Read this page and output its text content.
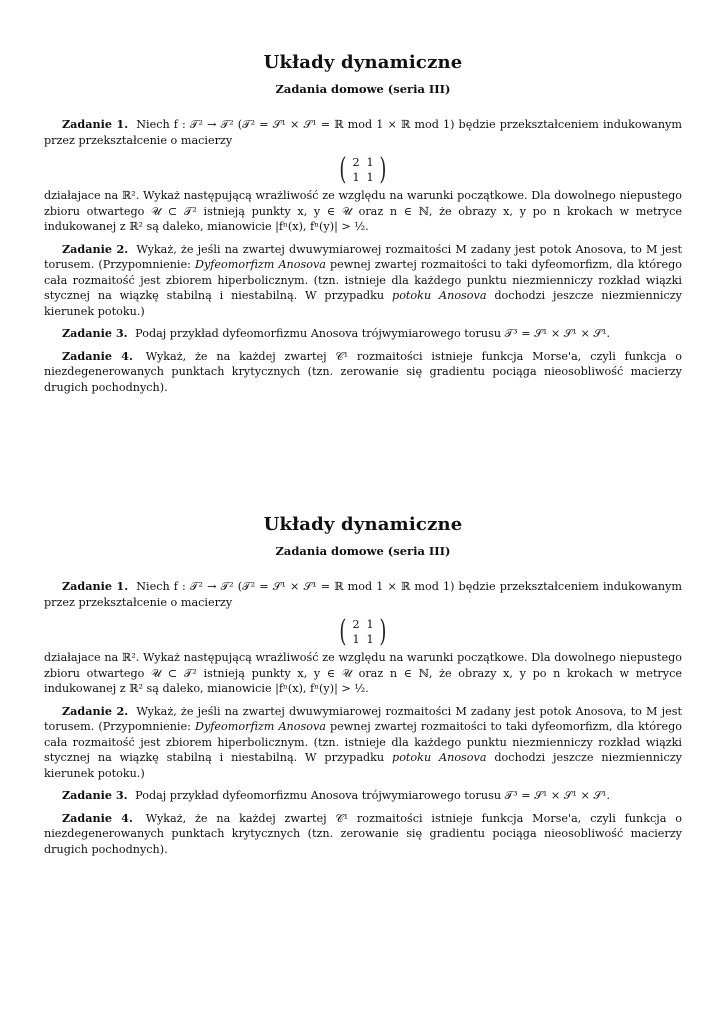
Układy dynamiczne
Zadania domowe (seria III)

Zadanie 1. Niech f : 𝒯² → 𝒯² (𝒯² = 𝒮¹ × 𝒮¹ = ℝ mod 1 × ℝ mod 1) będzie przekształceniem indukowanym przez przekształcenie o macierzy

( 2 1
1 1 )

działajace na ℝ². Wykaż następującą wrażliwość ze względu na warunki początkowe. Dla dowolnego niepustego zbioru otwartego 𝒰 ⊂ 𝒯² istnieją punkty x, y ∈ 𝒰 oraz n ∈ ℕ, że obrazy x, y po n krokach w metryce indukowanej z ℝ² są daleko, mianowicie |fⁿ(x), fⁿ(y)| > ½.

Zadanie 2. Wykaż, że jeśli na zwartej dwuwymiarowej rozmaitości M zadany jest potok Anosova, to M jest torusem. (Przypomnienie: Dyfeomorfizm Anosova pewnej zwartej rozmaitości to taki dyfeomorfizm, dla którego cała rozmaitość jest zbiorem hiperbolicznym. (tzn. istnieje dla każdego punktu niezmienniczy rozkład wiązki stycznej na wiązkę stabilną i niestabilną. W przypadku potoku Anosova dochodzi jeszcze niezmienniczy kierunek potoku.)

Zadanie 3. Podaj przykład dyfeomorfizmu Anosova trójwymiarowego torusu 𝒯³ = 𝒮¹ × 𝒮¹ × 𝒮¹.

Zadanie 4. Wykaż, że na każdej zwartej 𝒞¹ rozmaitości istnieje funkcja Morse'a, czyli funkcja o niezdegenerowanych punktach krytycznych (tzn. zerowanie się gradientu pociąga nieosobliwość macierzy drugich pochodnych).

Układy dynamiczne
Zadania domowe (seria III)

Zadanie 1. Niech f : 𝒯² → 𝒯² (𝒯² = 𝒮¹ × 𝒮¹ = ℝ mod 1 × ℝ mod 1) będzie przekształceniem indukowanym przez przekształcenie o macierzy

( 2 1
1 1 )

działajace na ℝ². Wykaż następującą wrażliwość ze względu na warunki początkowe. Dla dowolnego niepustego zbioru otwartego 𝒰 ⊂ 𝒯² istnieją punkty x, y ∈ 𝒰 oraz n ∈ ℕ, że obrazy x, y po n krokach w metryce indukowanej z ℝ² są daleko, mianowicie |fⁿ(x), fⁿ(y)| > ½.

Zadanie 2. Wykaż, że jeśli na zwartej dwuwymiarowej rozmaitości M zadany jest potok Anosova, to M jest torusem. (Przypomnienie: Dyfeomorfizm Anosova pewnej zwartej rozmaitości to taki dyfeomorfizm, dla którego cała rozmaitość jest zbiorem hiperbolicznym. (tzn. istnieje dla każdego punktu niezmienniczy rozkład wiązki stycznej na wiązkę stabilną i niestabilną. W przypadku potoku Anosova dochodzi jeszcze niezmienniczy kierunek potoku.)

Zadanie 3. Podaj przykład dyfeomorfizmu Anosova trójwymiarowego torusu 𝒯³ = 𝒮¹ × 𝒮¹ × 𝒮¹.

Zadanie 4. Wykaż, że na każdej zwartej 𝒞¹ rozmaitości istnieje funkcja Morse'a, czyli funkcja o niezdegenerowanych punktach krytycznych (tzn. zerowanie się gradientu pociąga nieosobliwość macierzy drugich pochodnych).
